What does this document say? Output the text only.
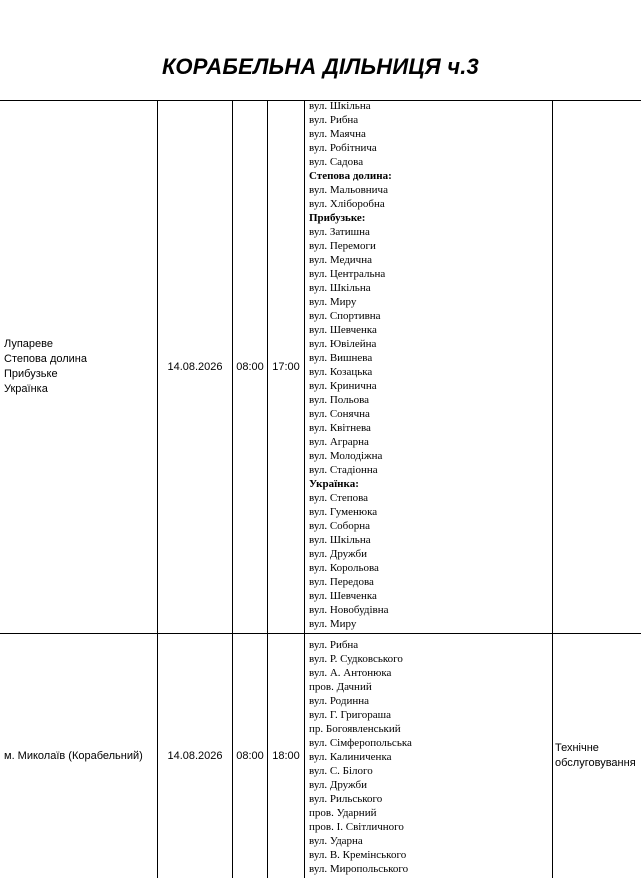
КОРАБЕЛЬНА ДІЛЬНИЦЯ ч.3
Лупареве
Степова долина
Прибузьке
Українка
14.08.2026 08:00 17:00
вул. Шкільна
вул. Рибна
вул. Маячна
вул. Робітнича
вул. Садова
Степова долина:
вул. Мальовнича
вул. Хліборобна
Прибузьке:
вул. Затишна
вул. Перемоги
вул. Медична
вул. Центральна
вул. Шкільна
вул. Миру
вул. Спортивна
вул. Шевченка
вул. Ювілейна
вул. Вишнева
вул. Козацька
вул. Кринична
вул. Польова
вул. Сонячна
вул. Квітнева
вул. Аграрна
вул. Молодіжна
вул. Стадіонна
Українка:
вул. Степова
вул. Гуменюка
вул. Соборна
вул. Шкільна
вул. Дружби
вул. Корольова
вул. Передова
вул. Шевченка
вул. Новобудівна
вул. Миру
м. Миколаїв (Корабельний)	14.08.2026 08:00 18:00
вул. Рибна
вул. Р. Судковського
вул. А. Антонюка
пров. Дачний
вул. Родинна
вул. Г. Григораша
пр. Богоявленський
вул. Сімферопольська
вул. Калиниченка
вул. С. Білого
вул. Дружби
вул. Рильського
пров. Ударний
пров. І. Світличного
вул. Ударна
вул. В. Кремінського
вул. Миропольського
Технічне
обслуговування
